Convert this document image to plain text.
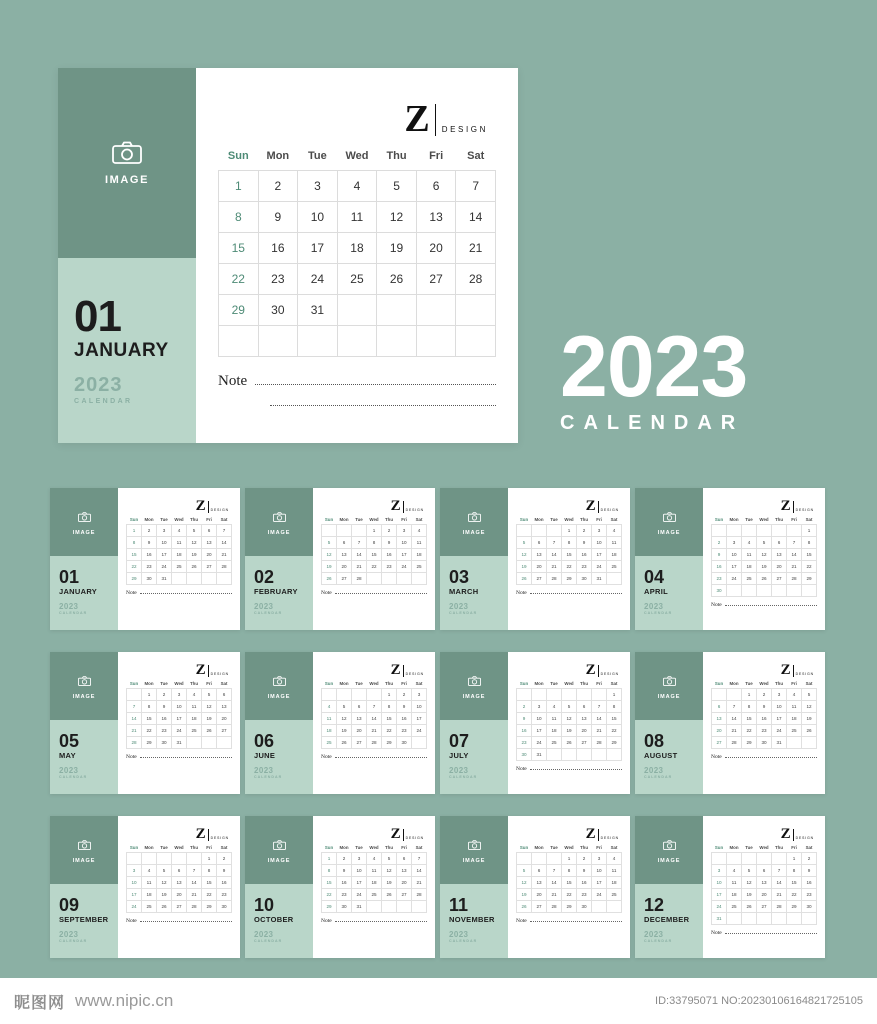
IMAGE
01
JANUARY
2023
CALENDAR
Z DESIGN
Sun	Mon	Tue	Wed	Thu	Fri	Sat
1	2	3	4	5	6	7
8	9	10	11	12	13	14
15	16	17	18	19	20	21
22	23	24	25	26	27	28
29	30	31				

Note	2023
CALENDAR
IMAGE
01
JANUARY
2023
CALENDAR
Z DESIGN
Sun	Mon	Tue	Wed	Thu	Fri	Sat
1	2	3	4	5	6	7
8	9	10	11	12	13	14
15	16	17	18	19	20	21
22	23	24	25	26	27	28
29	30	31				
Note
IMAGE
02
FEBRUARY
2023
CALENDAR
Z DESIGN
Sun	Mon	Tue	Wed	Thu	Fri	Sat
			1	2	3	4
5	6	7	8	9	10	11
12	13	14	15	16	17	18
19	20	21	22	23	24	25
26	27	28				
Note
IMAGE
03
MARCH
2023
CALENDAR
Z DESIGN
Sun	Mon	Tue	Wed	Thu	Fri	Sat
			1	2	3	4
5	6	7	8	9	10	11
12	13	14	15	16	17	18
19	20	21	22	23	24	25
26	27	28	29	30	31	
Note
IMAGE
04
APRIL
2023
CALENDAR
Z DESIGN
Sun	Mon	Tue	Wed	Thu	Fri	Sat
						1
2	3	4	5	6	7	8
9	10	11	12	13	14	15
16	17	18	19	20	21	22
23	24	25	26	27	28	29
30						
Note
IMAGE
05
MAY
2023
CALENDAR
Z DESIGN
Sun	Mon	Tue	Wed	Thu	Fri	Sat
	1	2	3	4	5	6
7	8	9	10	11	12	13
14	15	16	17	18	19	20
21	22	23	24	25	26	27
28	29	30	31			
Note
IMAGE
06
JUNE
2023
CALENDAR
Z DESIGN
Sun	Mon	Tue	Wed	Thu	Fri	Sat
				1	2	3
4	5	6	7	8	9	10
11	12	13	14	15	16	17
18	19	20	21	22	23	24
25	26	27	28	29	30	
Note
IMAGE
07
JULY
2023
CALENDAR
Z DESIGN
Sun	Mon	Tue	Wed	Thu	Fri	Sat
						1
2	3	4	5	6	7	8
9	10	11	12	13	14	15
16	17	18	19	20	21	22
23	24	25	26	27	28	29
30	31					
Note
IMAGE
08
AUGUST
2023
CALENDAR
Z DESIGN
Sun	Mon	Tue	Wed	Thu	Fri	Sat
		1	2	3	4	5
6	7	8	9	10	11	12
13	14	15	16	17	18	19
20	21	22	23	24	25	26
27	28	29	30	31		
Note
IMAGE
09
SEPTEMBER
2023
CALENDAR
Z DESIGN
Sun	Mon	Tue	Wed	Thu	Fri	Sat
					1	2
3	4	5	6	7	8	9
10	11	12	13	14	15	16
17	18	19	20	21	22	23
24	25	26	27	28	29	30
Note
IMAGE
10
OCTOBER
2023
CALENDAR
Z DESIGN
Sun	Mon	Tue	Wed	Thu	Fri	Sat
1	2	3	4	5	6	7
8	9	10	11	12	13	14
15	16	17	18	19	20	21
22	23	24	25	26	27	28
29	30	31				
Note
IMAGE
11
NOVEMBER
2023
CALENDAR
Z DESIGN
Sun	Mon	Tue	Wed	Thu	Fri	Sat
			1	2	3	4
5	6	7	8	9	10	11
12	13	14	15	16	17	18
19	20	21	22	23	24	25
26	27	28	29	30		
Note
IMAGE
12
DECEMBER
2023
CALENDAR
Z DESIGN
Sun	Mon	Tue	Wed	Thu	Fri	Sat
					1	2
3	4	5	6	7	8	9
10	11	12	13	14	15	16
17	18	19	20	21	22	23
24	25	26	27	28	29	30
31						
Note
昵图网 www.nipic.cn	ID:33795071 NO:20230106164821725105
